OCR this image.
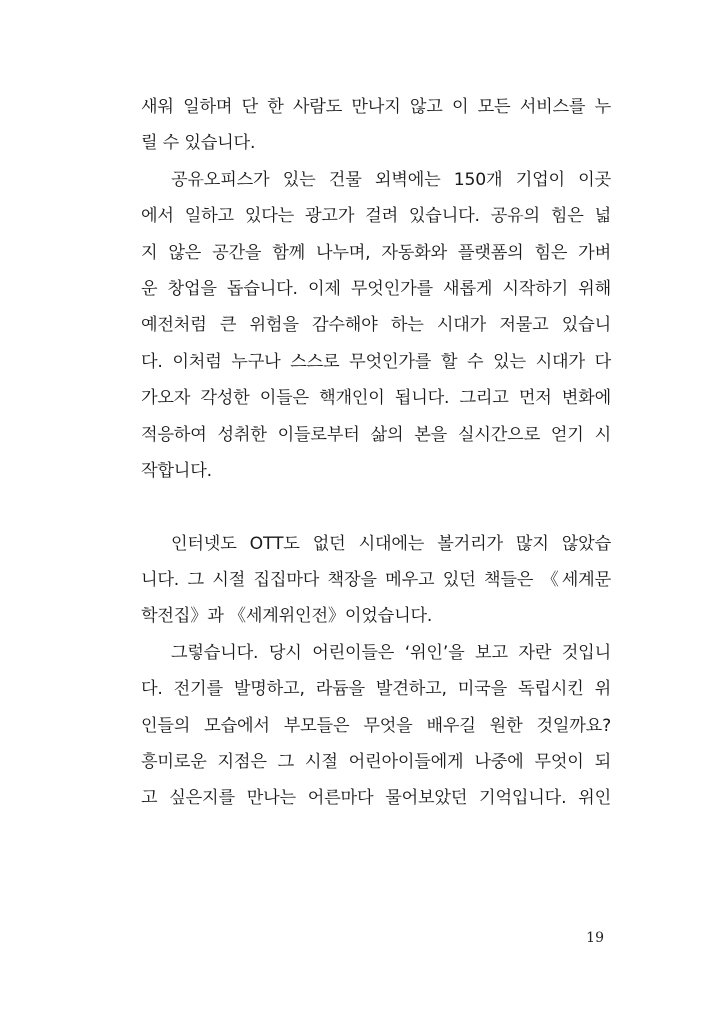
새워 일하며 단 한 사람도 만나지 않고 이 모든 서비스를 누
릴 수 있습니다.
공유오피스가 있는 건물 외벽에는 150개 기업이 이곳
에서 일하고 있다는 광고가 걸려 있습니다. 공유의 힘은 넓
지 않은 공간을 함께 나누며, 자동화와 플랫폼의 힘은 가벼
운 창업을 돕습니다. 이제 무엇인가를 새롭게 시작하기 위해
예전처럼 큰 위험을 감수해야 하는 시대가 저물고 있습니
다. 이처럼 누구나 스스로 무엇인가를 할 수 있는 시대가 다
가오자 각성한 이들은 핵개인이 됩니다. 그리고 먼저 변화에
적응하여 성취한 이들로부터 삶의 본을 실시간으로 얻기 시
작합니다.
인터넷도 OTT도 없던 시대에는 볼거리가 많지 않았습
니다. 그 시절 집집마다 책장을 메우고 있던 책들은 《세계문
학전집》과 《세계위인전》이었습니다.
그렇습니다. 당시 어린이들은 ‘위인’을 보고 자란 것입니
다. 전기를 발명하고, 라듐을 발견하고, 미국을 독립시킨 위
인들의 모습에서 부모들은 무엇을 배우길 원한 것일까요?
흥미로운 지점은 그 시절 어린아이들에게 나중에 무엇이 되
고 싶은지를 만나는 어른마다 물어보았던 기억입니다. 위인
19
